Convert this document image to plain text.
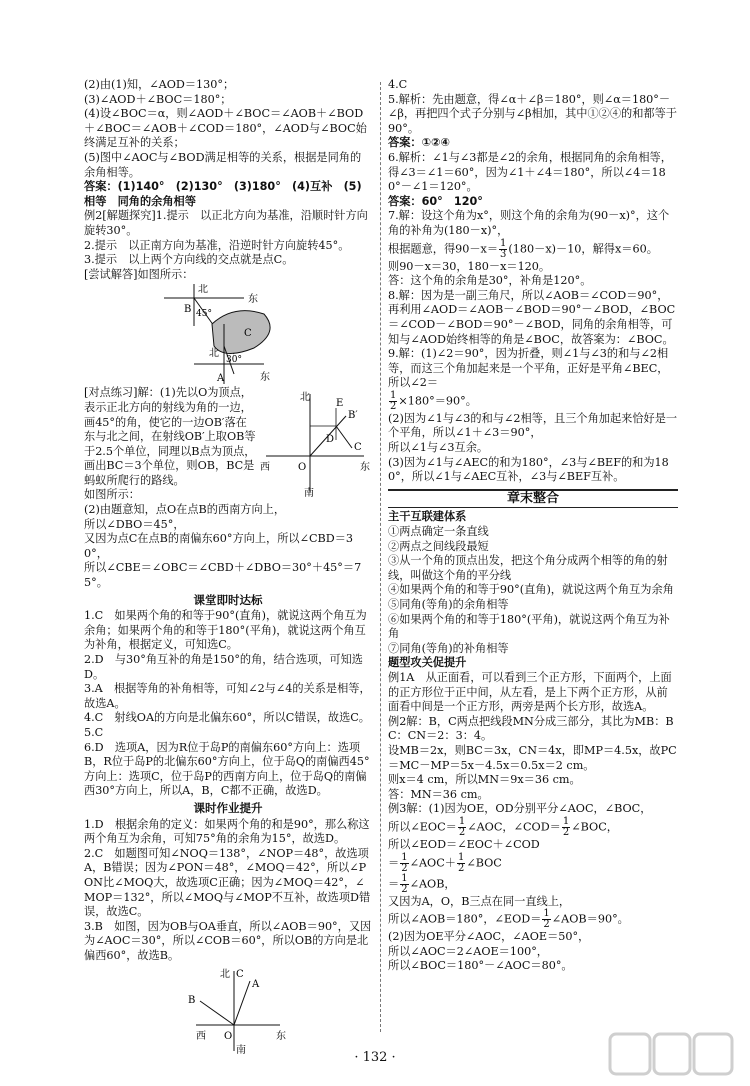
(2)由(1)知，∠AOD＝130°；

(3)∠AOD＋∠BOC＝180°；

(4)设∠BOC＝α，则∠AOD＋∠BOC＝∠AOB＋∠BOD＋∠BOC＝∠AOB＋∠COD＝180°，∠AOD与∠BOC始终满足互补的关系；

(5)图中∠AOC与∠BOD满足相等的关系，根据是同角的余角相等。

答案：(1)140°　(2)130°　(3)180°　(4)互补　(5)相等　同角的余角相等

例2[解题探究]1.提示　以正北方向为基准，沿顺时针方向旋转30°。

2.提示　以正南方向为基准，沿逆时针方向旋转45°。

3.提示　以上两个方向线的交点就是点C。

[尝试解答]如图所示：

北
东
B 45°
C
北
30°
A	东
北
E
B′
D
C
西	O	东
南

[对点练习]解：(1)先以O为顶点，表示正北方向的射线为角的一边，画45°的角，使它的一边OB′落在东与北之间，在射线OB′上取OB等于2.5个单位，同理以B点为顶点，画出BC＝3个单位，则OB，BC是蚂蚁所爬行的路线。

如图所示：

(2)由题意知，点O在点B的西南方向上，

所以∠DBO＝45°，

又因为点C在点B的南偏东60°方向上，所以∠CBD＝30°，

所以∠CBE＝∠OBC＝∠CBD＋∠DBO＝30°＋45°＝75°。

课堂即时达标

1.C　如果两个角的和等于90°(直角)，就说这两个角互为余角；如果两个角的和等于180°(平角)，就说这两个角互为补角，根据定义，可知选C。

2.D　与30°角互补的角是150°的角，结合选项，可知选D。

3.A　根据等角的补角相等，可知∠2与∠4的关系是相等，故选A。

4.C　射线OA的方向是北偏东60°，所以C错误，故选C。

5.C

6.D　选项A，因为R位于岛P的南偏东60°方向上：选项B，R位于岛P的北偏东60°方向上，位于岛Q的南偏西45°方向上：选项C，位于岛P的西南方向上，位于岛Q的南偏西30°方向上，所以A，B，C都不正确，故选D。

课时作业提升

1.D　根据余角的定义：如果两个角的和是90°，那么称这两个角互为余角，可知75°角的余角为15°，故选D。

2.C　如题图可知∠NOQ＝138°，∠NOP＝48°，故选项A，B错误；因为∠PON＝48°，∠MOQ＝42°，所以∠PON比∠MOQ大，故选项C正确；因为∠MOQ＝42°，∠MOP＝132°，所以∠MOQ与∠MOP不互补，故选项D错误，故选C。

3.B　如图，因为OB与OA垂直，所以∠AOB＝90°，又因为∠AOC＝30°，所以∠COB＝60°，所以OB的方向是北偏西60°，故选B。

北 C
A
B
西 O	东
南

4.C

5.解析：先由题意，得∠α＋∠β＝180°，则∠α＝180°－∠β，再把四个式子分别与∠β相加，其中①②④的和都等于90°。

答案：①②④

6.解析：∠1与∠3都是∠2的余角，根据同角的余角相等，得∠3＝∠1＝60°，因为∠1＋∠4＝180°，所以∠4＝180°－∠1＝120°。

答案：60°　120°

7.解：设这个角为x°，则这个角的余角为(90－x)°，这个角的补角为(180－x)°，

根据题意，得$90-x= \frac{1}{3} (180-x)-10$，解得x＝60。

则90－x＝30，180－x＝120。

答：这个角的余角是30°，补角是120°。

8.解：因为是一副三角尺，所以∠AOB＝∠COD＝90°，再利用∠AOD＝∠AOB－∠BOD＝90°－∠BOD，∠BOC＝∠COD－∠BOD＝90°－∠BOD，同角的余角相等，可知与∠AOD始终相等的角是∠BOC，故答案为：∠BOC。

9.解：(1)∠2＝90°，因为折叠，则∠1与∠3的和与∠2相等，而这三个角加起来是一个平角，正好是平角∠BEC，所以∠2＝

$\frac{1}{2} \times 180^\circ=90^\circ$。

(2)因为∠1与∠3的和与∠2相等，且三个角加起来恰好是一个平角，所以∠1＋∠3＝90°，

所以∠1与∠3互余。

(3)因为∠1与∠AEC的和为180°，∠3与∠BEF的和为180°，所以∠1与∠AEC互补，∠3与∠BEF互补。

章末整合

主干互联建体系

①两点确定一条直线

②两点之间线段最短

③从一个角的顶点出发，把这个角分成两个相等的角的射线，叫做这个角的平分线

④如果两个角的和等于90°(直角)，就说这两个角互为余角

⑤同角(等角)的余角相等

⑥如果两个角的和等于180°(平角)，就说这两个角互为补角

⑦同角(等角)的补角相等

题型攻关促提升

例1A　从正面看，可以看到三个正方形，下面两个，上面的正方形位于正中间，从左看，是上下两个正方形，从前面看中间是一个正方形，两旁是两个长方形，故选A。

例2解：B，C两点把线段MN分成三部分，其比为MB：BC：CN＝2：3：4。

设MB＝2x，则BC＝3x，CN＝4x，即MP＝4.5x，故PC＝MC－MP＝5x－4.5x＝0.5x＝2 cm。

则x＝4 cm，所以MN＝9x＝36 cm。

答：MN＝36 cm。

例3解：(1)因为OE，OD分别平分∠AOC，∠BOC，

所以∠EOC＝ $\frac{1}{2}$ ∠AOC，∠COD＝ $\frac{1}{2}$ ∠BOC，

所以∠EOD＝∠EOC＋∠COD

＝ $\frac{1}{2}$ ∠AOC＋ $\frac{1}{2}$ ∠BOC

＝ $\frac{1}{2}$ ∠AOB，

又因为A，O，B三点在同一直线上，

所以∠AOB＝180°，∠EOD＝ $\frac{1}{2}$ ∠AOB＝90°。

(2)因为OE平分∠AOC，∠AOE＝50°，

所以∠AOC＝2∠AOE＝100°，

所以∠BOC＝180°－∠AOC＝80°。

· 132 ·
